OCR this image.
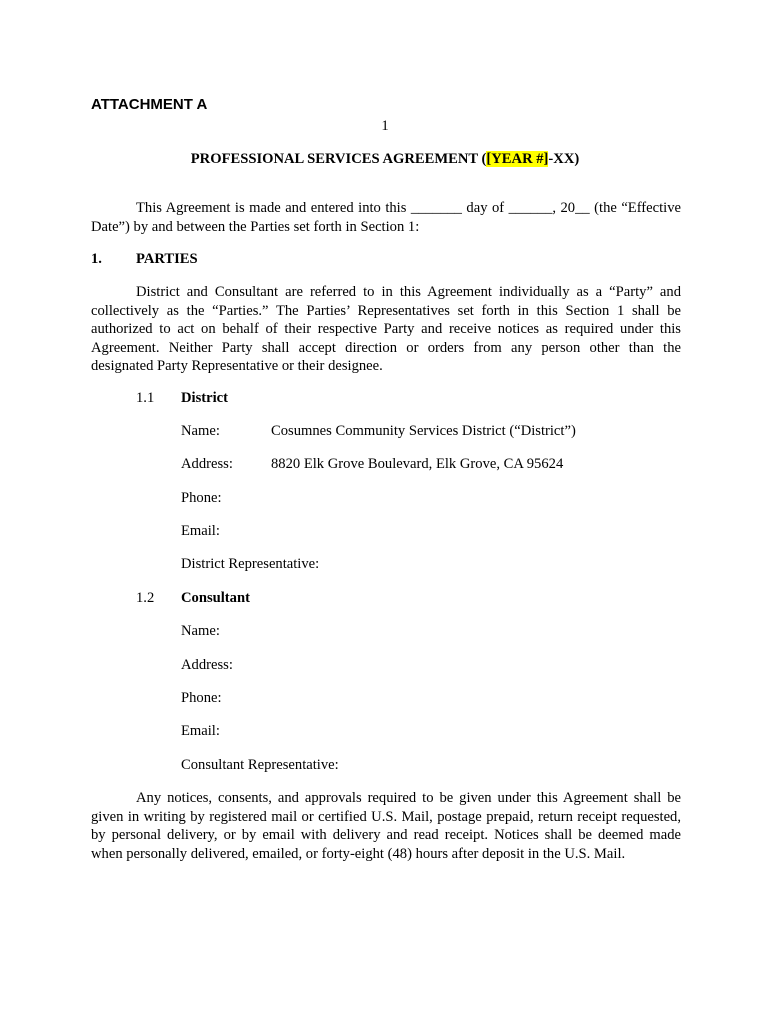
ATTACHMENT A
1
PROFESSIONAL SERVICES AGREEMENT ([YEAR #]-XX)
This Agreement is made and entered into this _______ day of ______, 20__ (the “Effective
Date”) by and between the Parties set forth in Section 1:
1. PARTIES
District and Consultant are referred to in this Agreement individually as a “Party” and
collectively as the “Parties.” The Parties’ Representatives set forth in this Section 1 shall be
authorized to act on behalf of their respective Party and receive notices as required under this
Agreement. Neither Party shall accept direction or orders from any person other than the
designated Party Representative or their designee.
1.1 District
Name:	Cosumnes Community Services District (“District”)
Address:	8820 Elk Grove Boulevard, Elk Grove, CA 95624
Phone:
Email:
District Representative:
1.2 Consultant
Name:
Address:
Phone:
Email:
Consultant Representative:
Any notices, consents, and approvals required to be given under this Agreement shall be
given in writing by registered mail or certified U.S. Mail, postage prepaid, return receipt requested,
by personal delivery, or by email with delivery and read receipt. Notices shall be deemed made
when personally delivered, emailed, or forty-eight (48) hours after deposit in the U.S. Mail.
